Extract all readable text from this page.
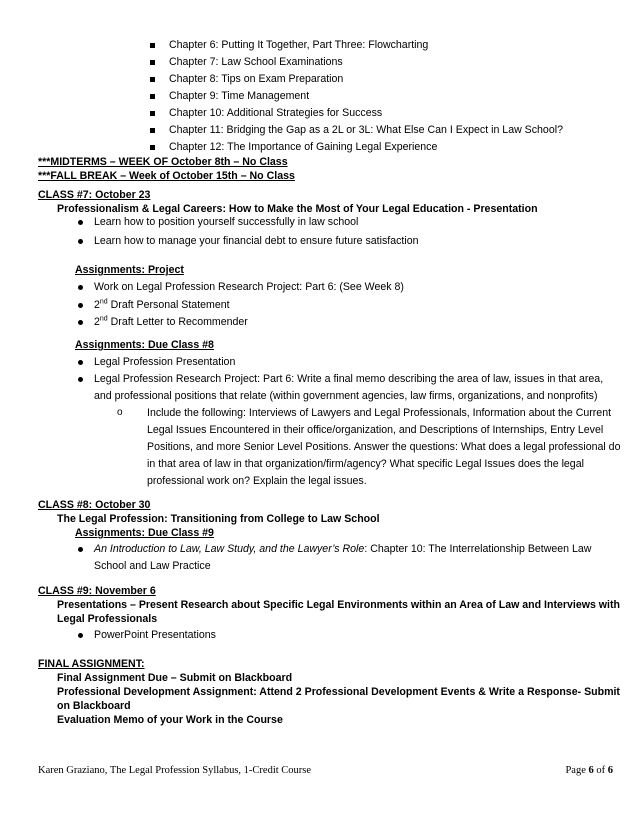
Chapter 6: Putting It Together, Part Three: Flowcharting
Chapter 7: Law School Examinations
Chapter 8: Tips on Exam Preparation
Chapter 9: Time Management
Chapter 10: Additional Strategies for Success
Chapter 11: Bridging the Gap as a 2L or 3L: What Else Can I Expect in Law School?
Chapter 12: The Importance of Gaining Legal Experience
***MIDTERMS – WEEK OF October 8th – No Class
***FALL BREAK – Week of October 15th – No Class
CLASS #7: October 23
Professionalism & Legal Careers: How to Make the Most of Your Legal Education - Presentation
Learn how to position yourself successfully in law school
Learn how to manage your financial debt to ensure future satisfaction
Assignments: Project
Work on Legal Profession Research Project: Part 6: (See Week 8)
2nd Draft Personal Statement
2nd Draft Letter to Recommender
Assignments: Due Class #8
Legal Profession Presentation
Legal Profession Research Project: Part 6: Write a final memo describing the area of law, issues in that area,
and professional positions that relate (within government agencies, law firms, organizations, and nonprofits)
o Include the following: Interviews of Lawyers and Legal Professionals, Information about the Current
Legal Issues Encountered in their office/organization, and Descriptions of Internships, Entry Level
Positions, and more Senior Level Positions. Answer the questions: What does a legal professional do
in that area of law in that organization/firm/agency? What specific Legal Issues does the legal
professional work on? Explain the legal issues.
CLASS #8: October 30
The Legal Profession: Transitioning from College to Law School
Assignments: Due Class #9
An Introduction to Law, Law Study, and the Lawyer’s Role: Chapter 10: The Interrelationship Between Law
School and Law Practice
CLASS #9: November 6
Presentations – Present Research about Specific Legal Environments within an Area of Law and Interviews with
Legal Professionals
PowerPoint Presentations
FINAL ASSIGNMENT:
Final Assignment Due – Submit on Blackboard
Professional Development Assignment: Attend 2 Professional Development Events & Write a Response- Submit
on Blackboard
Evaluation Memo of your Work in the Course
Karen Graziano, The Legal Profession Syllabus, 1-Credit Course	Page 6 of 6
